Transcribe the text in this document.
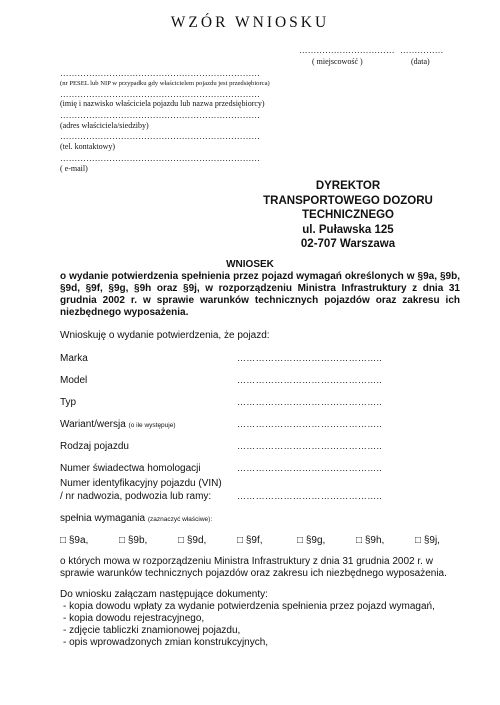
WZÓR WNIOSKU
…………………………… ……………
( miejscowość )	(data)
……………………………………………………………
(nr PESEL lub NIP w przypadku gdy właścicielem pojazdu jest przedsiębiorca)
……………………………………………………………
(imię i nazwisko właściciela pojazdu lub nazwa przedsiębiorcy)
……………………………………………………………
(adres właściciela/siedziby)
……………………………………………………………
(tel. kontaktowy)
……………………………………………………………
( e-mail)
DYREKTOR
TRANSPORTOWEGO DOZORU
TECHNICZNEGO
ul. Puławska 125
02-707 Warszawa
WNIOSEK
o wydanie potwierdzenia spełnienia przez pojazd wymagań określonych w §9a, §9b, §9d, §9f, §9g, §9h oraz §9j, w rozporządzeniu Ministra Infrastruktury z dnia 31 grudnia 2002 r. w sprawie warunków technicznych pojazdów oraz zakresu ich niezbędnego wyposażenia.
Wnioskuję o wydanie potwierdzenia, że pojazd:
Marka	………………………………………..
Model	………………………………………..
Typ	………………………………………..
Wariant/wersja (o ile występuje)	………………………………………..
Rodzaj pojazdu	………………………………………..
Numer świadectwa homologacji	………………………………………..
Numer identyfikacyjny pojazdu (VIN)
/ nr nadwozia, podwozia lub ramy:	………………………………………..
spełnia wymagania (zaznaczyć właściwe):
□ §9a,	□ §9b,	□ §9d,	□ §9f,	□ §9g,	□ §9h,	□ §9j,
o których mowa w rozporządzeniu Ministra Infrastruktury z dnia 31 grudnia 2002 r. w sprawie warunków technicznych pojazdów oraz zakresu ich niezbędnego wyposażenia.
Do wniosku załączam następujące dokumenty:
- kopia dowodu wpłaty za wydanie potwierdzenia spełnienia przez pojazd wymagań,
- kopia dowodu rejestracyjnego,
- zdjęcie tabliczki znamionowej pojazdu,
- opis wprowadzonych zmian konstrukcyjnych,
